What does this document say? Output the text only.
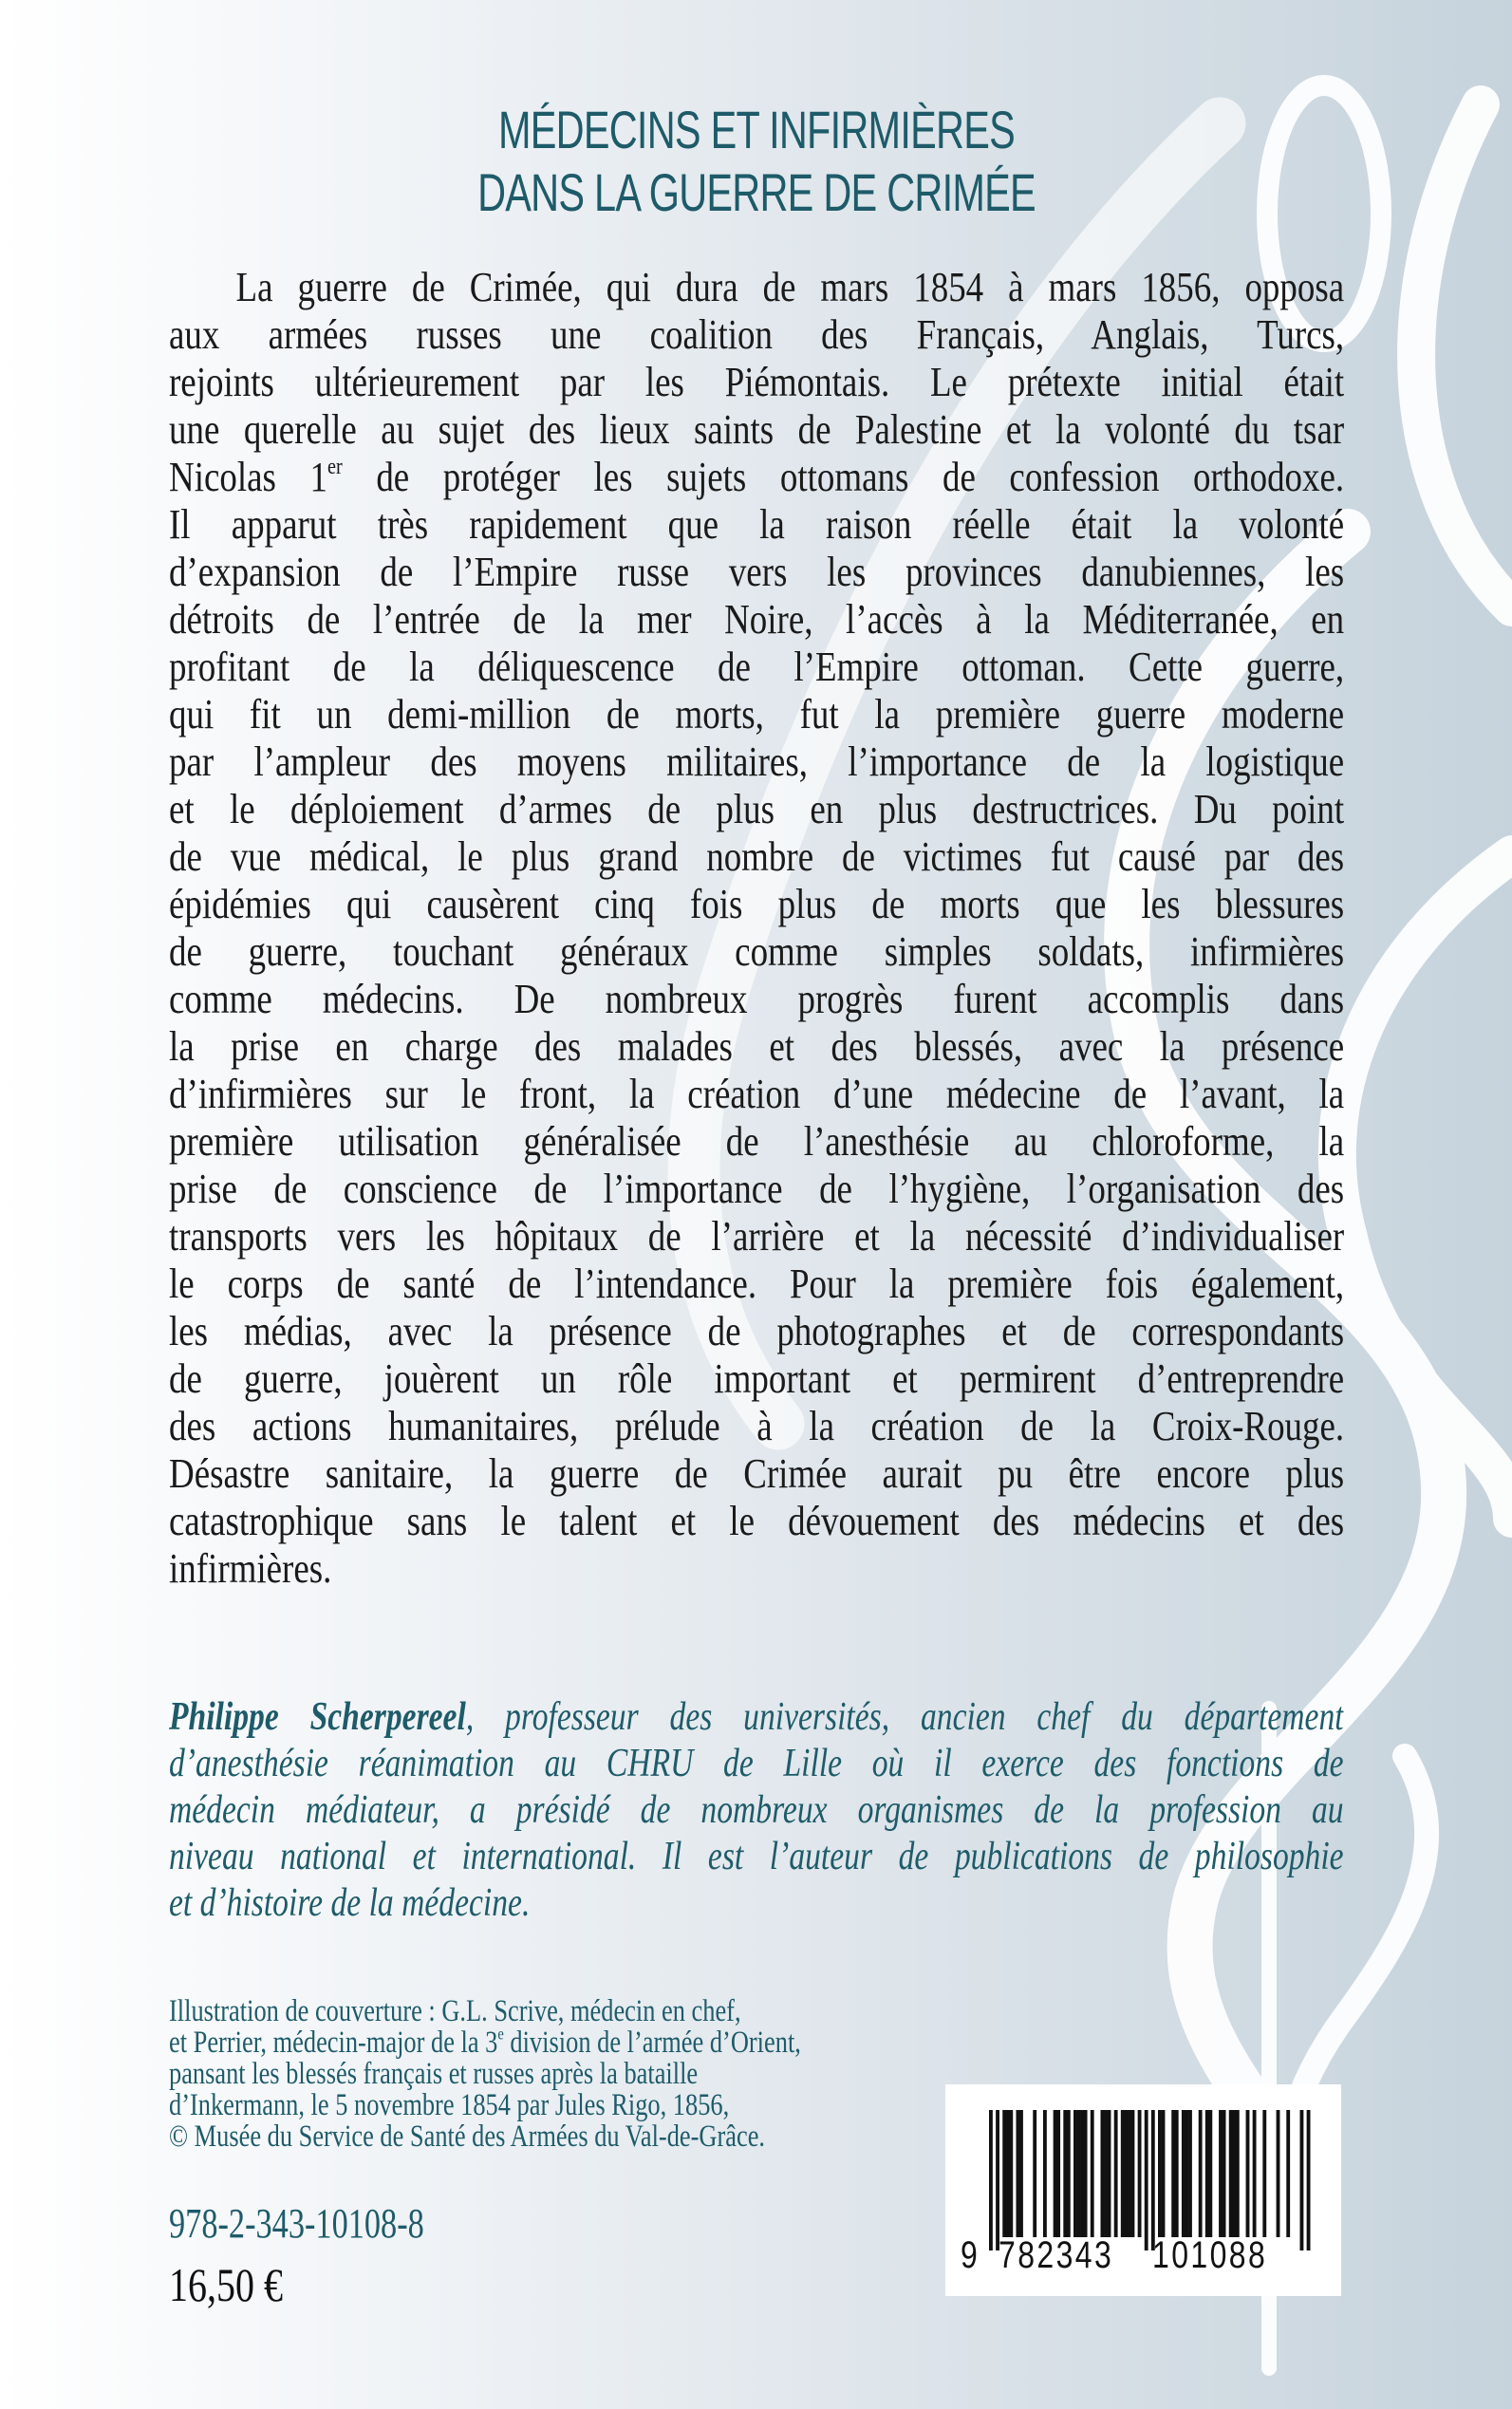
MÉDECINS ET INFIRMIÈRES
DANS LA GUERRE DE CRIMÉE
La guerre de Crimée, qui dura de mars 1854 à mars 1856, opposa
aux armées russes une coalition des Français, Anglais, Turcs,
rejoints ultérieurement par les Piémontais. Le prétexte initial était
une querelle au sujet des lieux saints de Palestine et la volonté du tsar
Nicolas 1er de protéger les sujets ottomans de confession orthodoxe.
Il apparut très rapidement que la raison réelle était la volonté
d’expansion de l’Empire russe vers les provinces danubiennes, les
détroits de l’entrée de la mer Noire, l’accès à la Méditerranée, en
profitant de la déliquescence de l’Empire ottoman. Cette guerre,
qui fit un demi-million de morts, fut la première guerre moderne
par l’ampleur des moyens militaires, l’importance de la logistique
et le déploiement d’armes de plus en plus destructrices. Du point
de vue médical, le plus grand nombre de victimes fut causé par des
épidémies qui causèrent cinq fois plus de morts que les blessures
de guerre, touchant généraux comme simples soldats, infirmières
comme médecins. De nombreux progrès furent accomplis dans
la prise en charge des malades et des blessés, avec la présence
d’infirmières sur le front, la création d’une médecine de l’avant, la
première utilisation généralisée de l’anesthésie au chloroforme, la
prise de conscience de l’importance de l’hygiène, l’organisation des
transports vers les hôpitaux de l’arrière et la nécessité d’individualiser
le corps de santé de l’intendance. Pour la première fois également,
les médias, avec la présence de photographes et de correspondants
de guerre, jouèrent un rôle important et permirent d’entreprendre
des actions humanitaires, prélude à la création de la Croix-Rouge.
Désastre sanitaire, la guerre de Crimée aurait pu être encore plus
catastrophique sans le talent et le dévouement des médecins et des
infirmières.
Philippe Scherpereel, professeur des universités, ancien chef du département
d’anesthésie réanimation au CHRU de Lille où il exerce des fonctions de
médecin médiateur, a présidé de nombreux organismes de la profession au
niveau national et international. Il est l’auteur de publications de philosophie
et d’histoire de la médecine.
Illustration de couverture : G.L. Scrive, médecin en chef,
et Perrier, médecin-major de la 3e division de l’armée d’Orient,
pansant les blessés français et russes après la bataille
d’Inkermann, le 5 novembre 1854 par Jules Rigo, 1856,
© Musée du Service de Santé des Armées du Val-de-Grâce.
978-2-343-10108-8
16,50 €
9 782343 101088
